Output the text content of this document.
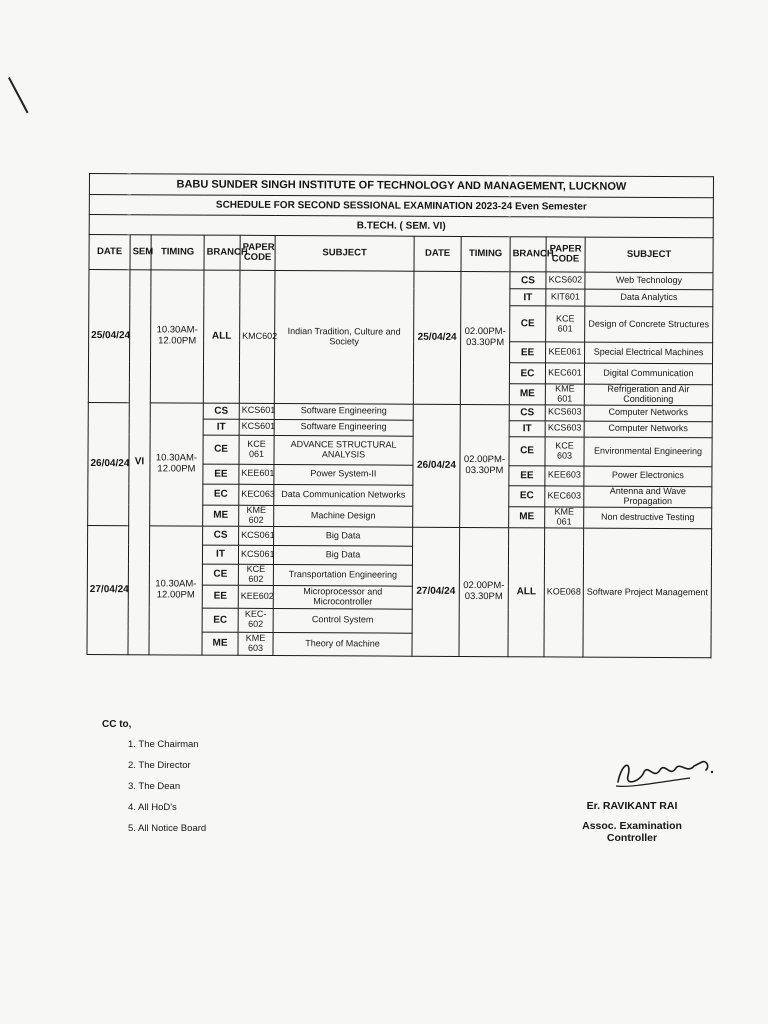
BABU SUNDER SINGH INSTITUTE OF TECHNOLOGY AND MANAGEMENT, LUCKNOW										
SCHEDULE FOR SECOND SESSIONAL EXAMINATION 2023-24 Even Semester										
B.TECH. ( SEM. VI)										
DATE	SEM	TIMING	BRANCH	PAPER CODE	SUBJECT	DATE	TIMING	BRANCH	PAPER CODE	SUBJECT
25/04/24	VI	10.30AM-12.00PM	ALL	KMC602	Indian Tradition, Culture and Society	25/04/24	02.00PM-03.30PM	CS	KCS602	Web Technology
								IT	KIT601	Data Analytics
								CE	KCE 601	Design of Concrete Structures
								EE	KEE061	Special Electrical Machines
								EC	KEC601	Digital Communication
								ME	KME 601	Refrigeration and Air Conditioning
26/04/24		10.30AM-12.00PM	CS	KCS601	Software Engineering	26/04/24	02.00PM-03.30PM	CS	KCS603	Computer Networks
			IT	KCS601	Software Engineering			IT	KCS603	Computer Networks
			CE	KCE 061	ADVANCE STRUCTURAL ANALYSIS			CE	KCE 603	Environmental Engineering
			EE	KEE601	Power System-II			EE	KEE603	Power Electronics
			EC	KEC063	Data Communication Networks			EC	KEC603	Antenna and Wave Propagation
			ME	KME 602	Machine Design			ME	KME 061	Non destructive Testing
27/04/24		10.30AM-12.00PM	CS	KCS061	Big Data	27/04/24	02.00PM-03.30PM	ALL	KOE068	Software Project Management
			IT	KCS061	Big Data					
			CE	KCE 602	Transportation Engineering					
			EE	KEE602	Microprocessor and Microcontroller					
			EC	KEC-602	Control System					
			ME	KME 603	Theory of Machine					
CC to,
1. The Chairman
2. The Director
3. The Dean
4. All HoD's
5. All Notice Board
Er. RAVIKANT RAI
Assoc. Examination Controller
